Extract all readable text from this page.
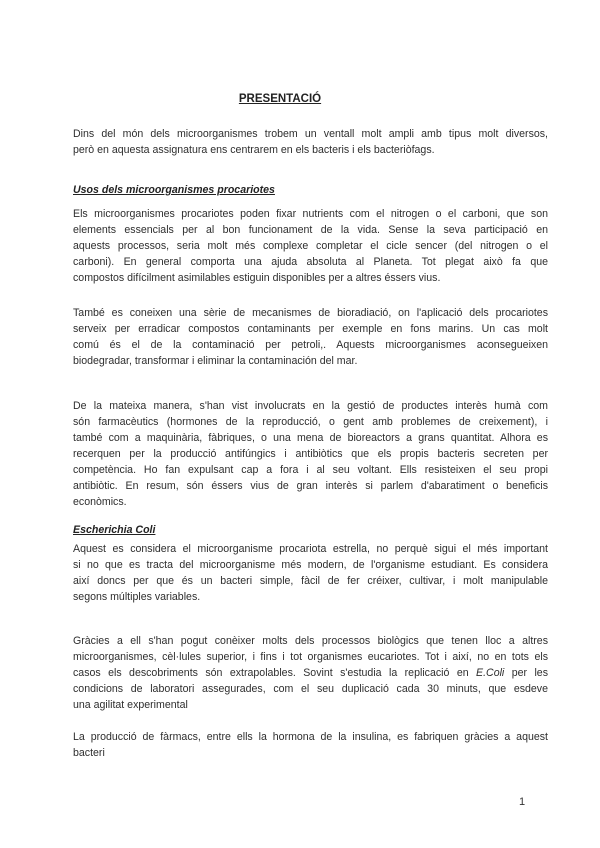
PRESENTACIÓ
Dins del món dels microorganismes trobem un ventall molt ampli amb tipus molt diversos,
però en aquesta assignatura ens centrarem en els bacteris i els bacteriòfags.
Usos dels microorganismes procariotes
Els microorganismes procariotes poden fixar nutrients com el nitrogen o el carboni, que son
elements essencials per al bon funcionament de la vida. Sense la seva participació en
aquests processos, seria molt més complexe completar el cicle sencer (del nitrogen o el
carboni). En general comporta una ajuda absoluta al Planeta. Tot plegat això fa que
compostos difícilment asimilables estiguin disponibles per a altres éssers vius.
També es coneixen una sèrie de mecanismes de bioradiació, on l'aplicació dels procariotes
serveix per erradicar compostos contaminants per exemple en fons marins. Un cas molt
comú és el de la contaminació per petroli,. Aquests microorganismes aconsegueixen
biodegradar, transformar i eliminar la contaminación del mar.
De la mateixa manera, s'han vist involucrats en la gestió de productes interès humà com
són farmacèutics (hormones de la reproducció, o gent amb problemes de creixement), i
també com a maquinària, fàbriques, o una mena de bioreactors a grans quantitat. Alhora es
recerquen per la producció antifúngics i antibiòtics que els propis bacteris secreten per
competència. Ho fan expulsant cap a fora i al seu voltant. Ells resisteixen el seu propi
antibiòtic. En resum, són éssers vius de gran interès si parlem d'abaratiment o beneficis
econòmics.
Escherichia Coli
Aquest es considera el microorganisme procariota estrella, no perquè sigui el més important
si no que es tracta del microorganisme més modern, de l'organisme estudiant. Es considera
així doncs per que és un bacteri simple, fàcil de fer créixer, cultivar, i molt manipulable
segons múltiples variables.
Gràcies a ell s'han pogut conèixer molts dels processos biològics que tenen lloc a altres
microorganismes, cèl·lules superior, i fins i tot organismes eucariotes. Tot i així, no en tots els
casos els descobriments són extrapolables. Sovint s'estudia la replicació en E.Coli per les
condicions de laboratori assegurades, com el seu duplicació cada 30 minuts, que esdeve
una agilitat experimental
La producció de fàrmacs, entre ells la hormona de la insulina, es fabriquen gràcies a aquest
bacteri
1
